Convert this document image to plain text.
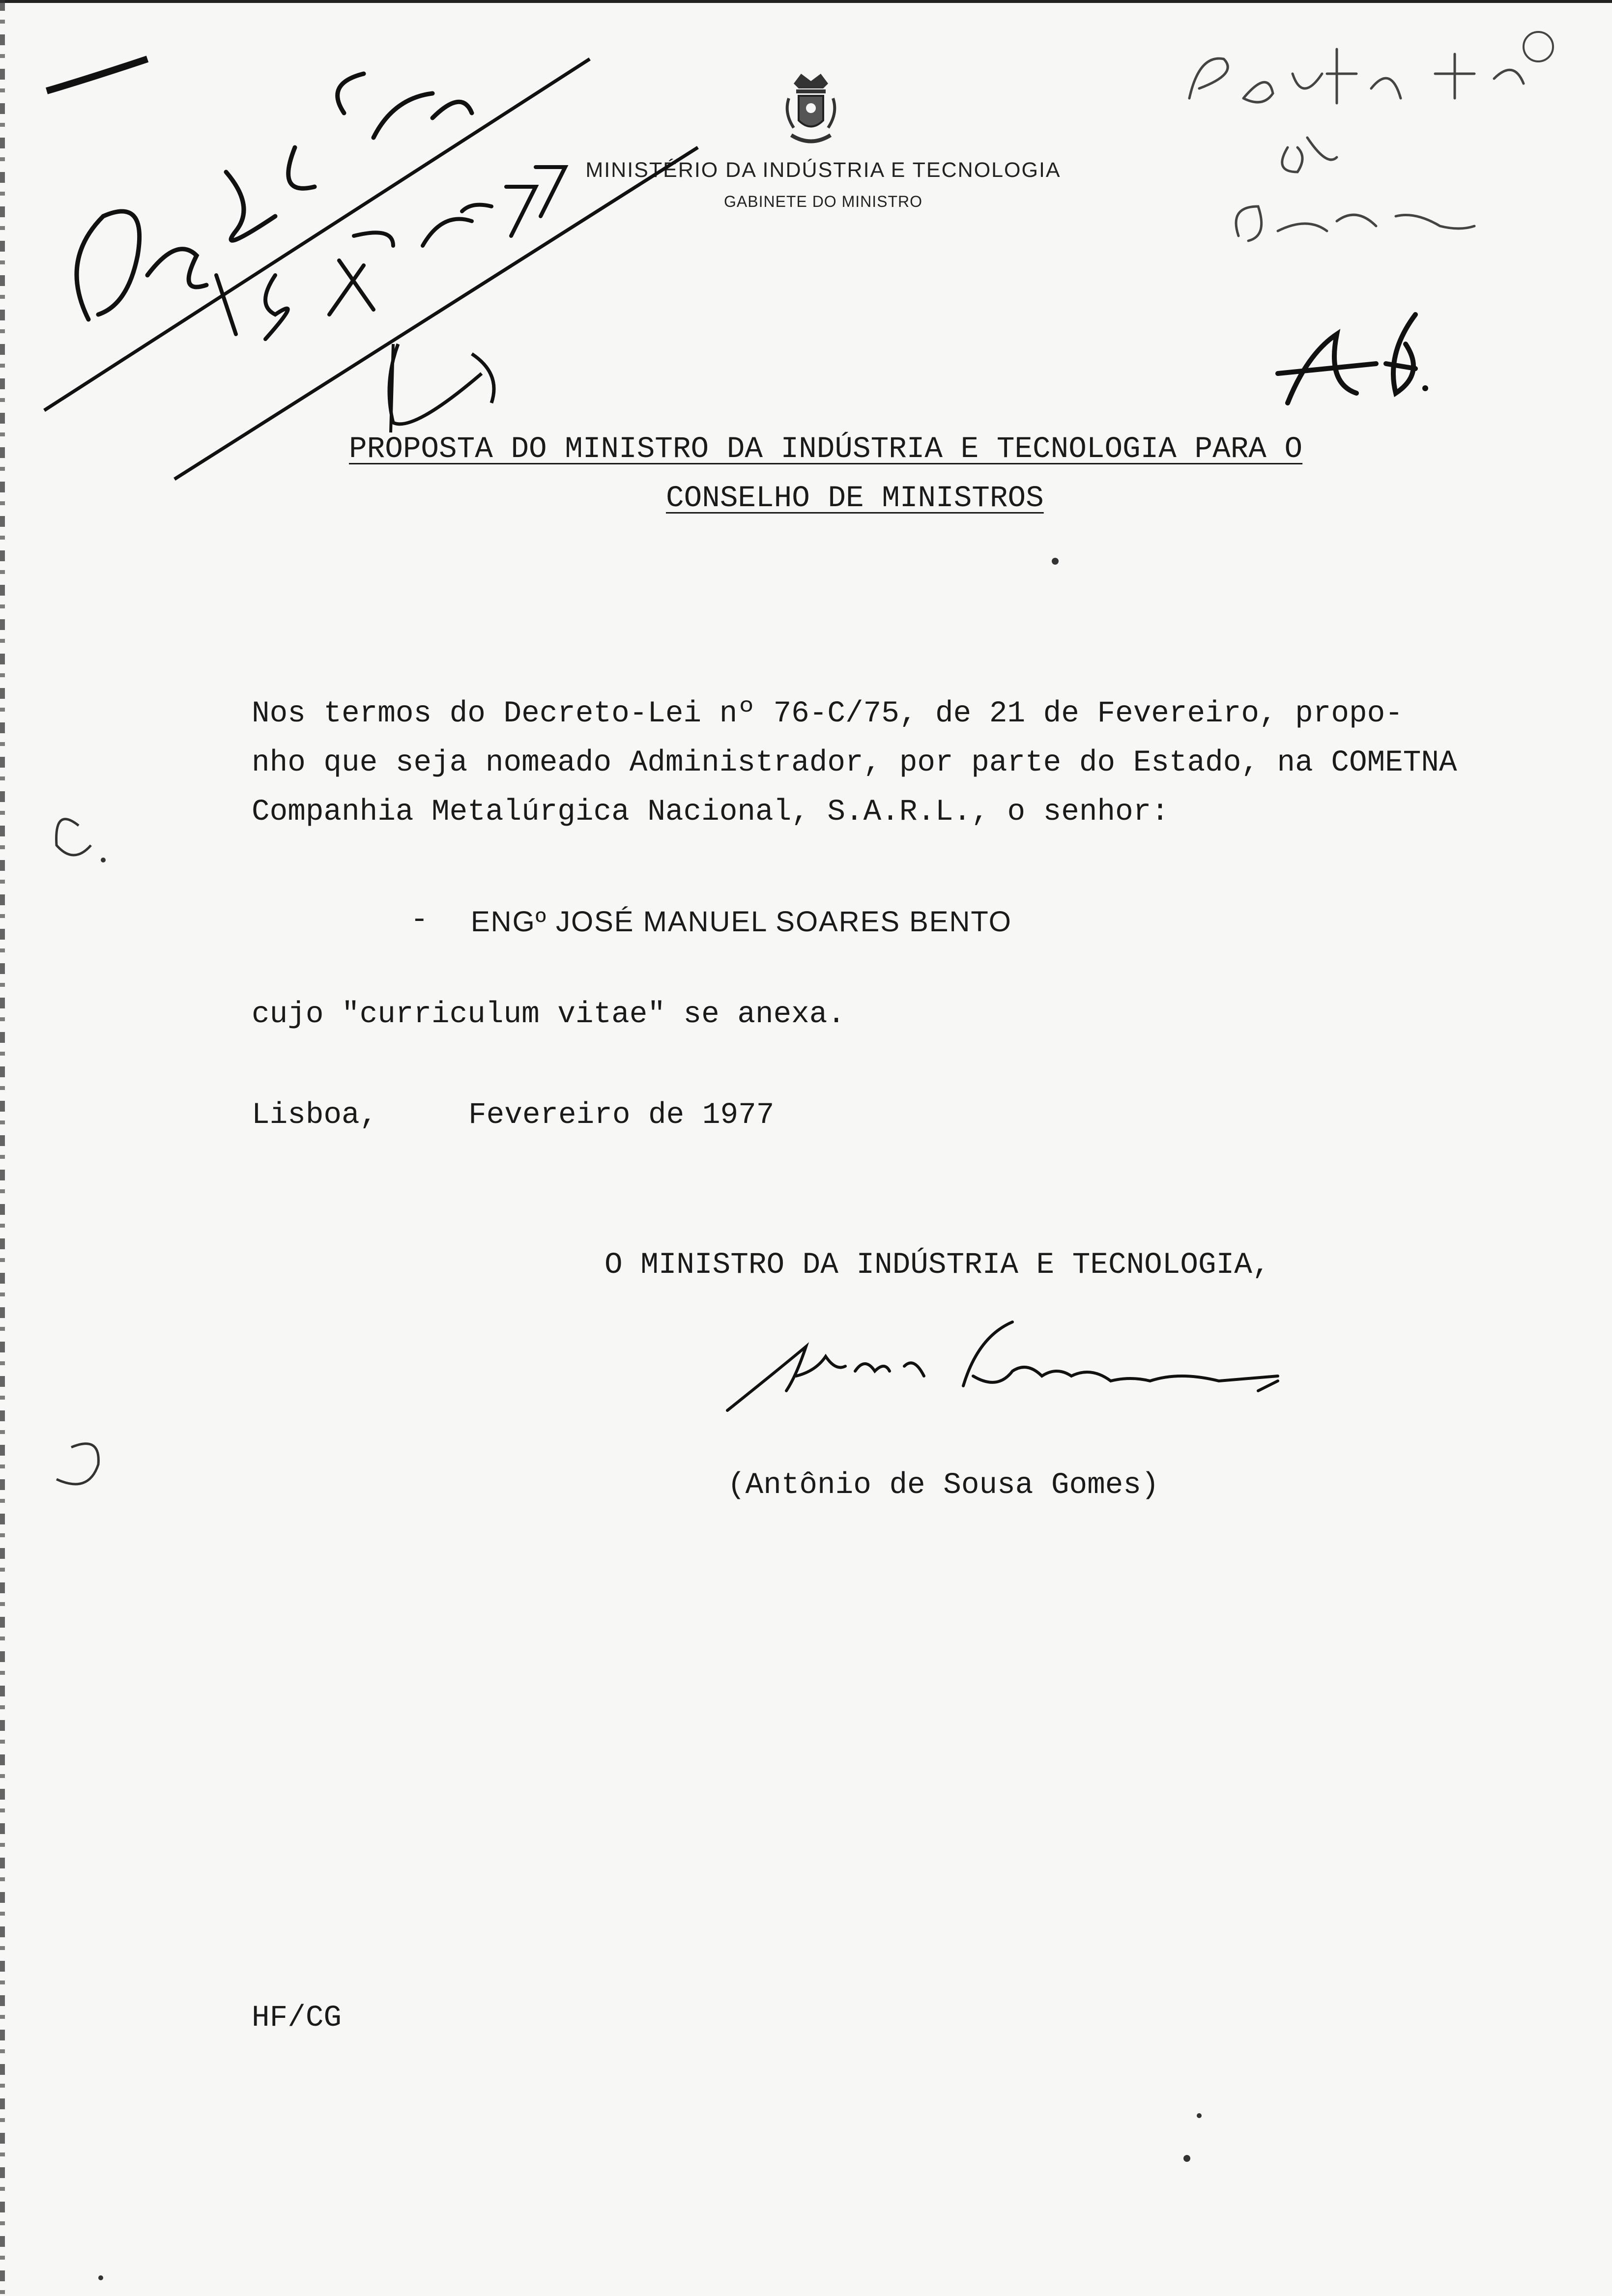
MINISTÉRIO DA INDÚSTRIA E TECNOLOGIA
GABINETE DO MINISTRO
PROPOSTA DO MINISTRO DA INDÚSTRIA E TECNOLOGIA PARA O
CONSELHO DE MINISTROS
Nos termos do Decreto-Lei nº 76-C/75, de 21 de Fevereiro, propo-
nho que seja nomeado Administrador, por parte do Estado, na COMETNA
Companhia Metalúrgica Nacional, S.A.R.L., o senhor:
- ENGº JOSÉ MANUEL SOARES BENTO
cujo "curriculum vitae" se anexa.
Lisboa,	Fevereiro de 1977
O MINISTRO DA INDÚSTRIA E TECNOLOGIA,
(Antônio de Sousa Gomes)
HF/CG
